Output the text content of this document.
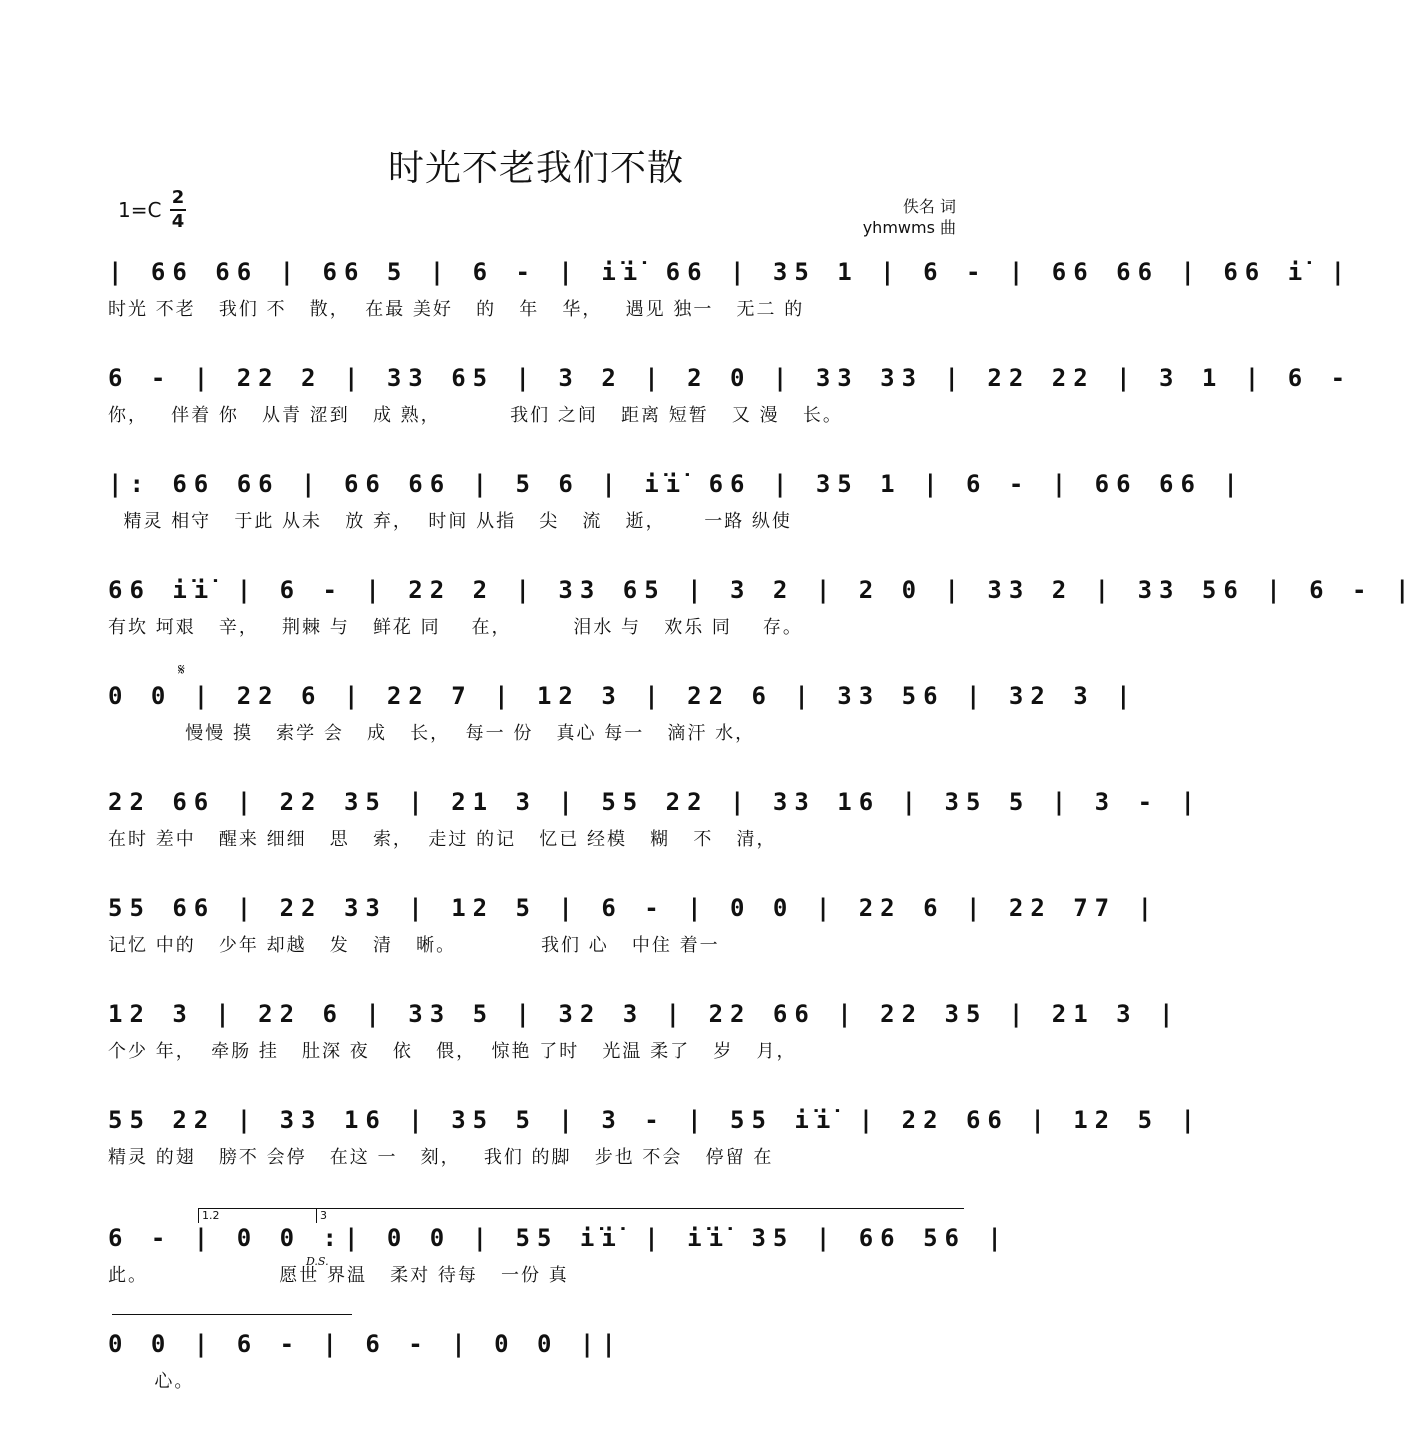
时光不老我们不散
1=C
2
4
佚名 词
yhmwms 曲
| 66 66 | 66 5 | 6 - | i̇i̇ 66 | 35 1 | 6 - | 66 66 | 66 i̇ |
时光 不老   我们 不   散，  在最 美好   的   年   华，   遇见 独一   无二 的
6 - | 22 2 | 33 65 | 3 2 | 2 0 | 33 33 | 22 22 | 3 1 | 6 -
你，   伴着 你   从青 涩到   成 熟，         我们 之间   距离 短暂   又 漫   长。
|: 66 66 | 66 66 | 5 6 | i̇i̇ 66 | 35 1 | 6 - | 66 66 |
精灵 相守   于此 从未   放 弃，  时间 从指   尖   流   逝，     一路 纵使
66 i̇i̇ | 6 - | 22 2 | 33 65 | 3 2 | 2 0 | 33 2 | 33 56 | 6 - |
有坎 坷艰   辛，   荆棘 与   鲜花 同    在，        泪水 与   欢乐 同    存。
𝄋
0 0 | 22 6 | 22 7 | 12 3 | 22 6 | 33 56 | 32 3 |
慢慢 摸   索学 会   成   长，  每一 份   真心 每一   滴汗 水，
22 66 | 22 35 | 21 3 | 55 22 | 33 16 | 35 5 | 3 - |
在时 差中   醒来 细细   思   索，  走过 的记   忆已 经模   糊   不   清，
55 66 | 22 33 | 12 5 | 6 - | 0 0 | 22 6 | 22 77 |
记忆 中的   少年 却越   发   清   晰。           我们 心   中住 着一
12 3 | 22 6 | 33 5 | 32 3 | 22 66 | 22 35 | 21 3 |
个少 年，  牵肠 挂   肚深 夜   依   偎，  惊艳 了时   光温 柔了   岁   月，
55 22 | 33 16 | 35 5 | 3 - | 55 i̇i̇ | 22 66 | 12 5 |
精灵 的翅   膀不 会停   在这 一   刻，   我们 的脚   步也 不会   停留 在
1.2	3
D.S.
6 - | 0 0 :| 0 0 | 55 i̇i̇ | i̇i̇ 35 | 66 56 |
此。                 愿世 界温   柔对 待每   一份 真
0 0 | 6 - | 6 - | 0 0 ||
心。
